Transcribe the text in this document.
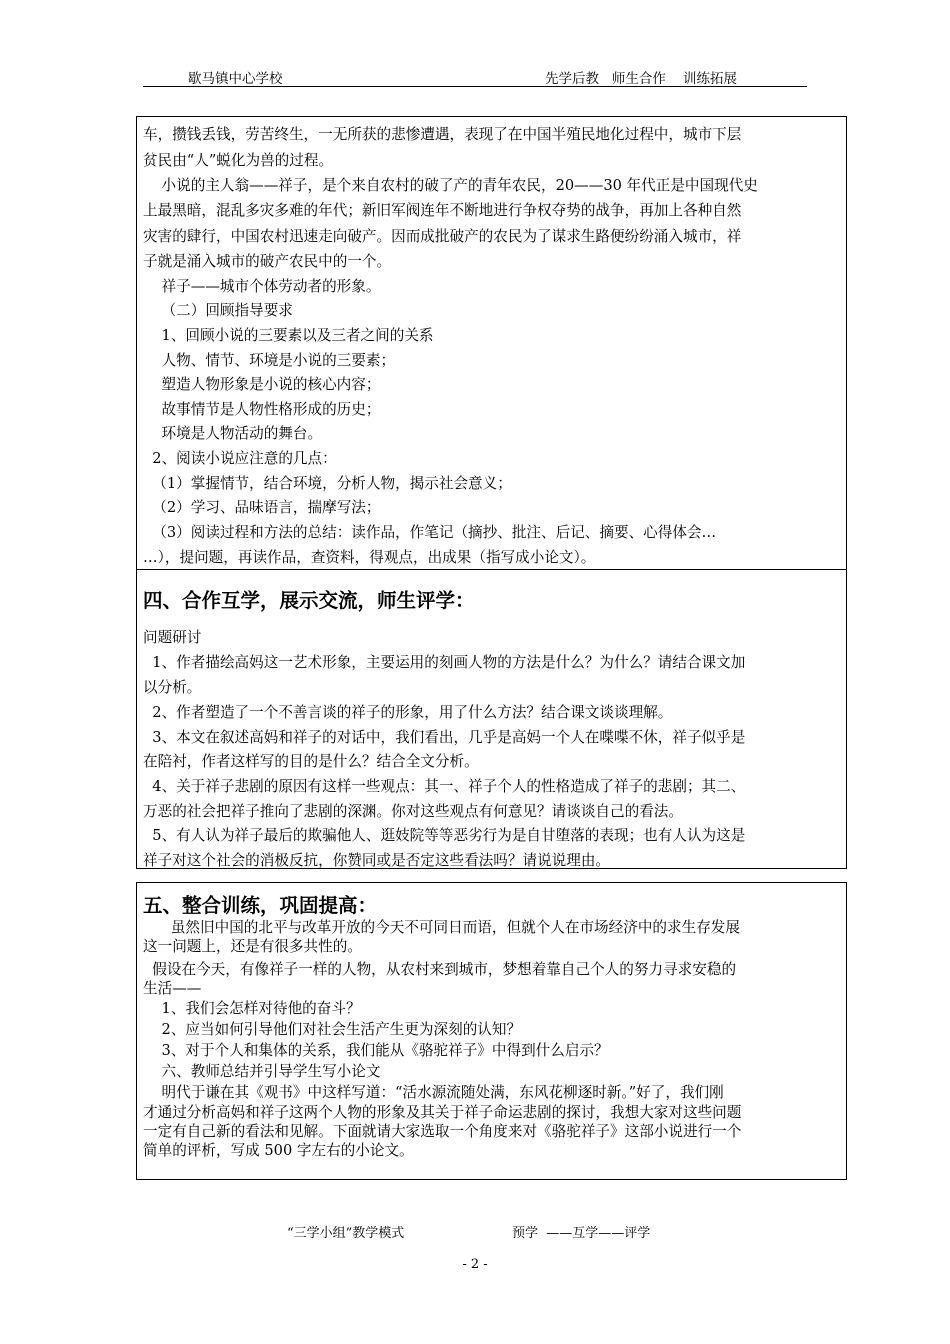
歇马镇中心学校	先学后教   师生合作    训练拓展
车，攒钱丢钱，劳苦终生，一无所获的悲惨遭遇，表现了在中国半殖民地化过程中，城市下层
贫民由“人”蜕化为兽的过程。
小说的主人翁——祥子，是个来自农村的破了产的青年农民，20——30 年代正是中国现代史
上最黑暗，混乱多灾多难的年代；新旧军阀连年不断地进行争权夺势的战争，再加上各种自然
灾害的肆行，中国农村迅速走向破产。因而成批破产的农民为了谋求生路便纷纷涌入城市，祥
子就是涌入城市的破产农民中的一个。
祥子——城市个体劳动者的形象。
（二）回顾指导要求
1、回顾小说的三要素以及三者之间的关系
人物、情节、环境是小说的三要素；
塑造人物形象是小说的核心内容；
故事情节是人物性格形成的历史；
环境是人物活动的舞台。
2、阅读小说应注意的几点：
（1）掌握情节，结合环境，分析人物，揭示社会意义；
（2）学习、品味语言，揣摩写法；
（3）阅读过程和方法的总结：读作品，作笔记（摘抄、批注、后记、摘要、心得体会…
…），提问题，再读作品，查资料，得观点，出成果（指写成小论文）。
四、合作互学，展示交流，师生评学：
问题研讨
1、作者描绘高妈这一艺术形象，主要运用的刻画人物的方法是什么？为什么？请结合课文加
以分析。
2、作者塑造了一个不善言谈的祥子的形象，用了什么方法？结合课文谈谈理解。
3、本文在叙述高妈和祥子的对话中，我们看出，几乎是高妈一个人在喋喋不休，祥子似乎是
在陪衬，作者这样写的目的是什么？结合全文分析。
4、关于祥子悲剧的原因有这样一些观点：其一、祥子个人的性格造成了祥子的悲剧；其二、
万恶的社会把祥子推向了悲剧的深渊。你对这些观点有何意见？请谈谈自己的看法。
5、有人认为祥子最后的欺骗他人、逛妓院等等恶劣行为是自甘堕落的表现；也有人认为这是
祥子对这个社会的消极反抗，你赞同或是否定这些看法吗？请说说理由。
五、整合训练，巩固提高：
虽然旧中国的北平与改革开放的今天不可同日而语，但就个人在市场经济中的求生存发展
这一问题上，还是有很多共性的。
假设在今天，有像祥子一样的人物，从农村来到城市，梦想着靠自己个人的努力寻求安稳的
生活——
1、我们会怎样对待他的奋斗？
2、应当如何引导他们对社会生活产生更为深刻的认知？
3、对于个人和集体的关系，我们能从《骆驼祥子》中得到什么启示？
六、教师总结并引导学生写小论文
明代于谦在其《观书》中这样写道：“活水源流随处满，东风花柳逐时新。”好了，我们刚
才通过分析高妈和祥子这两个人物的形象及其关于祥子命运悲剧的探讨，我想大家对这些问题
一定有自己新的看法和见解。下面就请大家选取一个角度来对《骆驼祥子》这部小说进行一个
简单的评析，写成 500 字左右的小论文。
“三学小组”教学模式	预学  ——互学——评学
- 2 -
